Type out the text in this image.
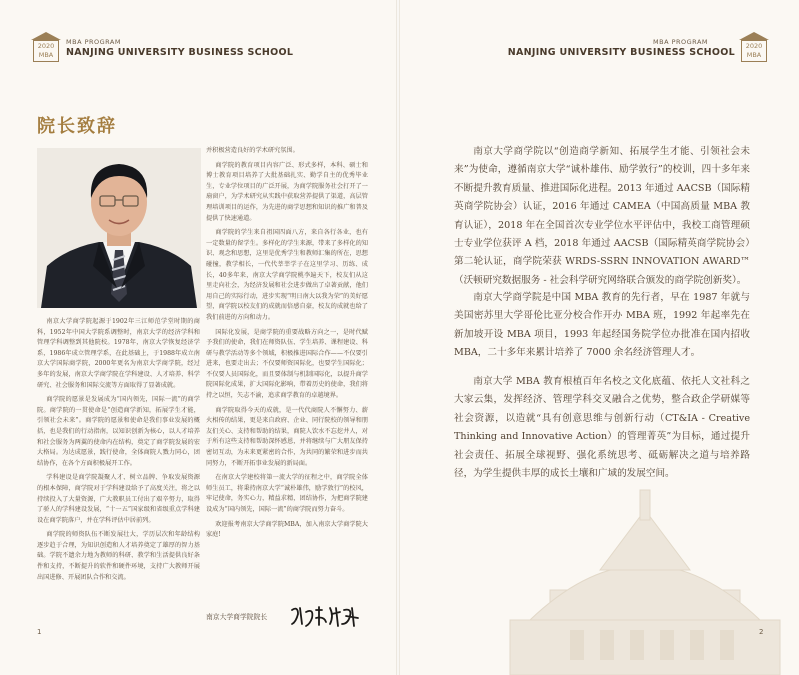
2020
MBA
MBA PROGRAM
NANJING UNIVERSITY BUSINESS SCHOOL
院长致辞

南京大学商学院起源于1902年三江师范学堂时期的商科，1952年中国大学院系调整时，南京大学的经济学科和管理学科调整到其他院校。1978年，南京大学恢复经济学系，1986年成立管理学系，在此基础上，于1988年成立南京大学国际商学院，2000年更名为南京大学商学院，经过多年的发展，南京大学商学院在学科建设、人才培养、科学研究、社会服务和国际交流等方面取得了显著成就。

商学院的愿景是发展成为“国内领先，国际一流”的商学院。商学院的一贯使命是“创造商学新知，拓展学生才能，引领社会未来”。商学院的愿景和使命是我们事业发展的概括，也是我们的行动指南，以知识创新为核心，以人才培养和社会服务为两翼的使命内在结构，奠定了商学院发展的宏大格局。为达成愿景，践行使命，全体商院人戮力同心，团结协作，在各个方面积极展开工作。

学科建设是商学院凝聚人才、树立品牌、争取发展资源的根本保障，商学院对于学科建设给予了高度关注，将之以持续投入了大量资源，广大教职员工付出了艰辛努力，取得了骄人的学科建设发展，“十一五”国家级和省级重点学科建设在商学院落户，并在学科评估中居前列。

商学院的师资队伍不断发展壮大，学历层次和年龄结构逐步趋于合理，为知识创造和人才培养奠定了雄厚的智力基础。学院不遗余力地为教师的科研、教学和生活提供良好条件和支持，不断提升的软件和硬件环境，支持广大教师开展出国进修、开展团队合作和交流。

并积极营造良好的学术研究氛围。

商学院的教育项目内容广泛、形式多样，本科、硕士和博士教育项目培养了大批基础扎实、勤学自主的优秀毕业生，专业学位项目的广泛开展，为商学院服务社会打开了一扇窗户，为学术研究从实践中获取营养提供了渠道，高层管理培训项目的运作，为先进的商学思想和知识的推广和普及提供了快速通道。

商学院的学生来自祖国四面八方，来自各行各业，也有一定数量的留学生。多样化的学生来源，带来了多样化的知识、观念和思想，这里是优秀学生和教师汇集的所在，思想碰撞，教学相长，一代代莘莘学子在这里学习、历练、成长，40多年来，南京大学商学院桃李遍天下，校友们从这里走向社会，为经济发展和社会进步做出了卓著贡献，他们用自己的实际行动，进步实现“明日南大以我为荣”的美好愿望，商学院以校友们的成就而倍感自豪，校友的成就也给了我们前进的方向和动力。

国际化发展，是商学院的重要战略方向之一，是时代赋予我们的使命，我们在师资队伍、学生培养、课程建设、科研与教学活动等多个领域，积极推进国际合作——不仅要引进来，也要走出去；不仅要师资国际化，也要学生国际化；不仅要人员国际化，而且要体制与机制国际化，以提升商学院国际化成果，扩大国际化影响，带着历史的使命，我们将持之以恒，矢志不渝，追求商学教育的卓越境界。

商学院取得今天的成就，是一代代商院人不懈努力、薪火相传的结果，更是来自政府、企业、同行院校的领导和朋友们关心、支持和帮助的结果，商院人饮水不忘挖井人，对于所有这些支持和帮助深怀感恩，并将继续与广大朋友保持密切互动，为未来更紧密的合作，为共同的繁荣和进步而共同努力，不断开拓事业发展的新局面。

在南京大学建校将第一流大学的征程之中，商学院全体师生员工，将秉持南京大学“诚朴雄伟，励学敦行”的校风，牢记使命，务实心力，精益求精，团结协作，为把商学院建设成为“国内领先，国际一流”的商学院而努力奋斗。

欢迎报考南京大学商学院MBA，加入南京大学商学院大家庭!

南京大学商学院院长
1
MBA PROGRAM
NANJING UNIVERSITY BUSINESS SCHOOL
2020
MBA

南京大学商学院以“创造商学新知、拓展学生才能、引领社会未来”为使命，遵循南京大学“诚朴雄伟、励学敦行”的校训，四十多年来不断提升教育质量、推进国际化进程。2013 年通过 AACSB（国际精英商学院协会）认证，2016 年通过 CAMEA（中国高质量 MBA 教育认证），2018 年在全国首次专业学位水平评估中，我校工商管理硕士专业学位获评 A 档，2018 年通过 AACSB（国际精英商学院协会）第二轮认证，商学院荣获 WRDS-SSRN INNOVATION AWARD™（沃顿研究数据服务 - 社会科学研究网络联合颁发的商学院创新奖）。

南京大学商学院是中国 MBA 教育的先行者，早在 1987 年就与美国密苏里大学哥伦比亚分校合作开办 MBA 班，1992 年起率先在新加坡开设 MBA 项目，1993 年起经国务院学位办批准在国内招收 MBA，二十多年来累计培养了 7000 余名经济管理人才。

南京大学 MBA 教育根植百年名校之文化底蕴、依托人文社科之大家云集，发挥经济、管理学科交叉融合之优势，整合政企学研媒等社会资源，以造就“具有创意思维与创新行动（CT&IA - Creative Thinking and Innovative Action）的管理菁英”为目标，通过提升社会责任、拓展全球视野、强化系统思考、砥砺解决之道与培养路径，为学生提供丰厚的成长土壤和广域的发展空间。

2
